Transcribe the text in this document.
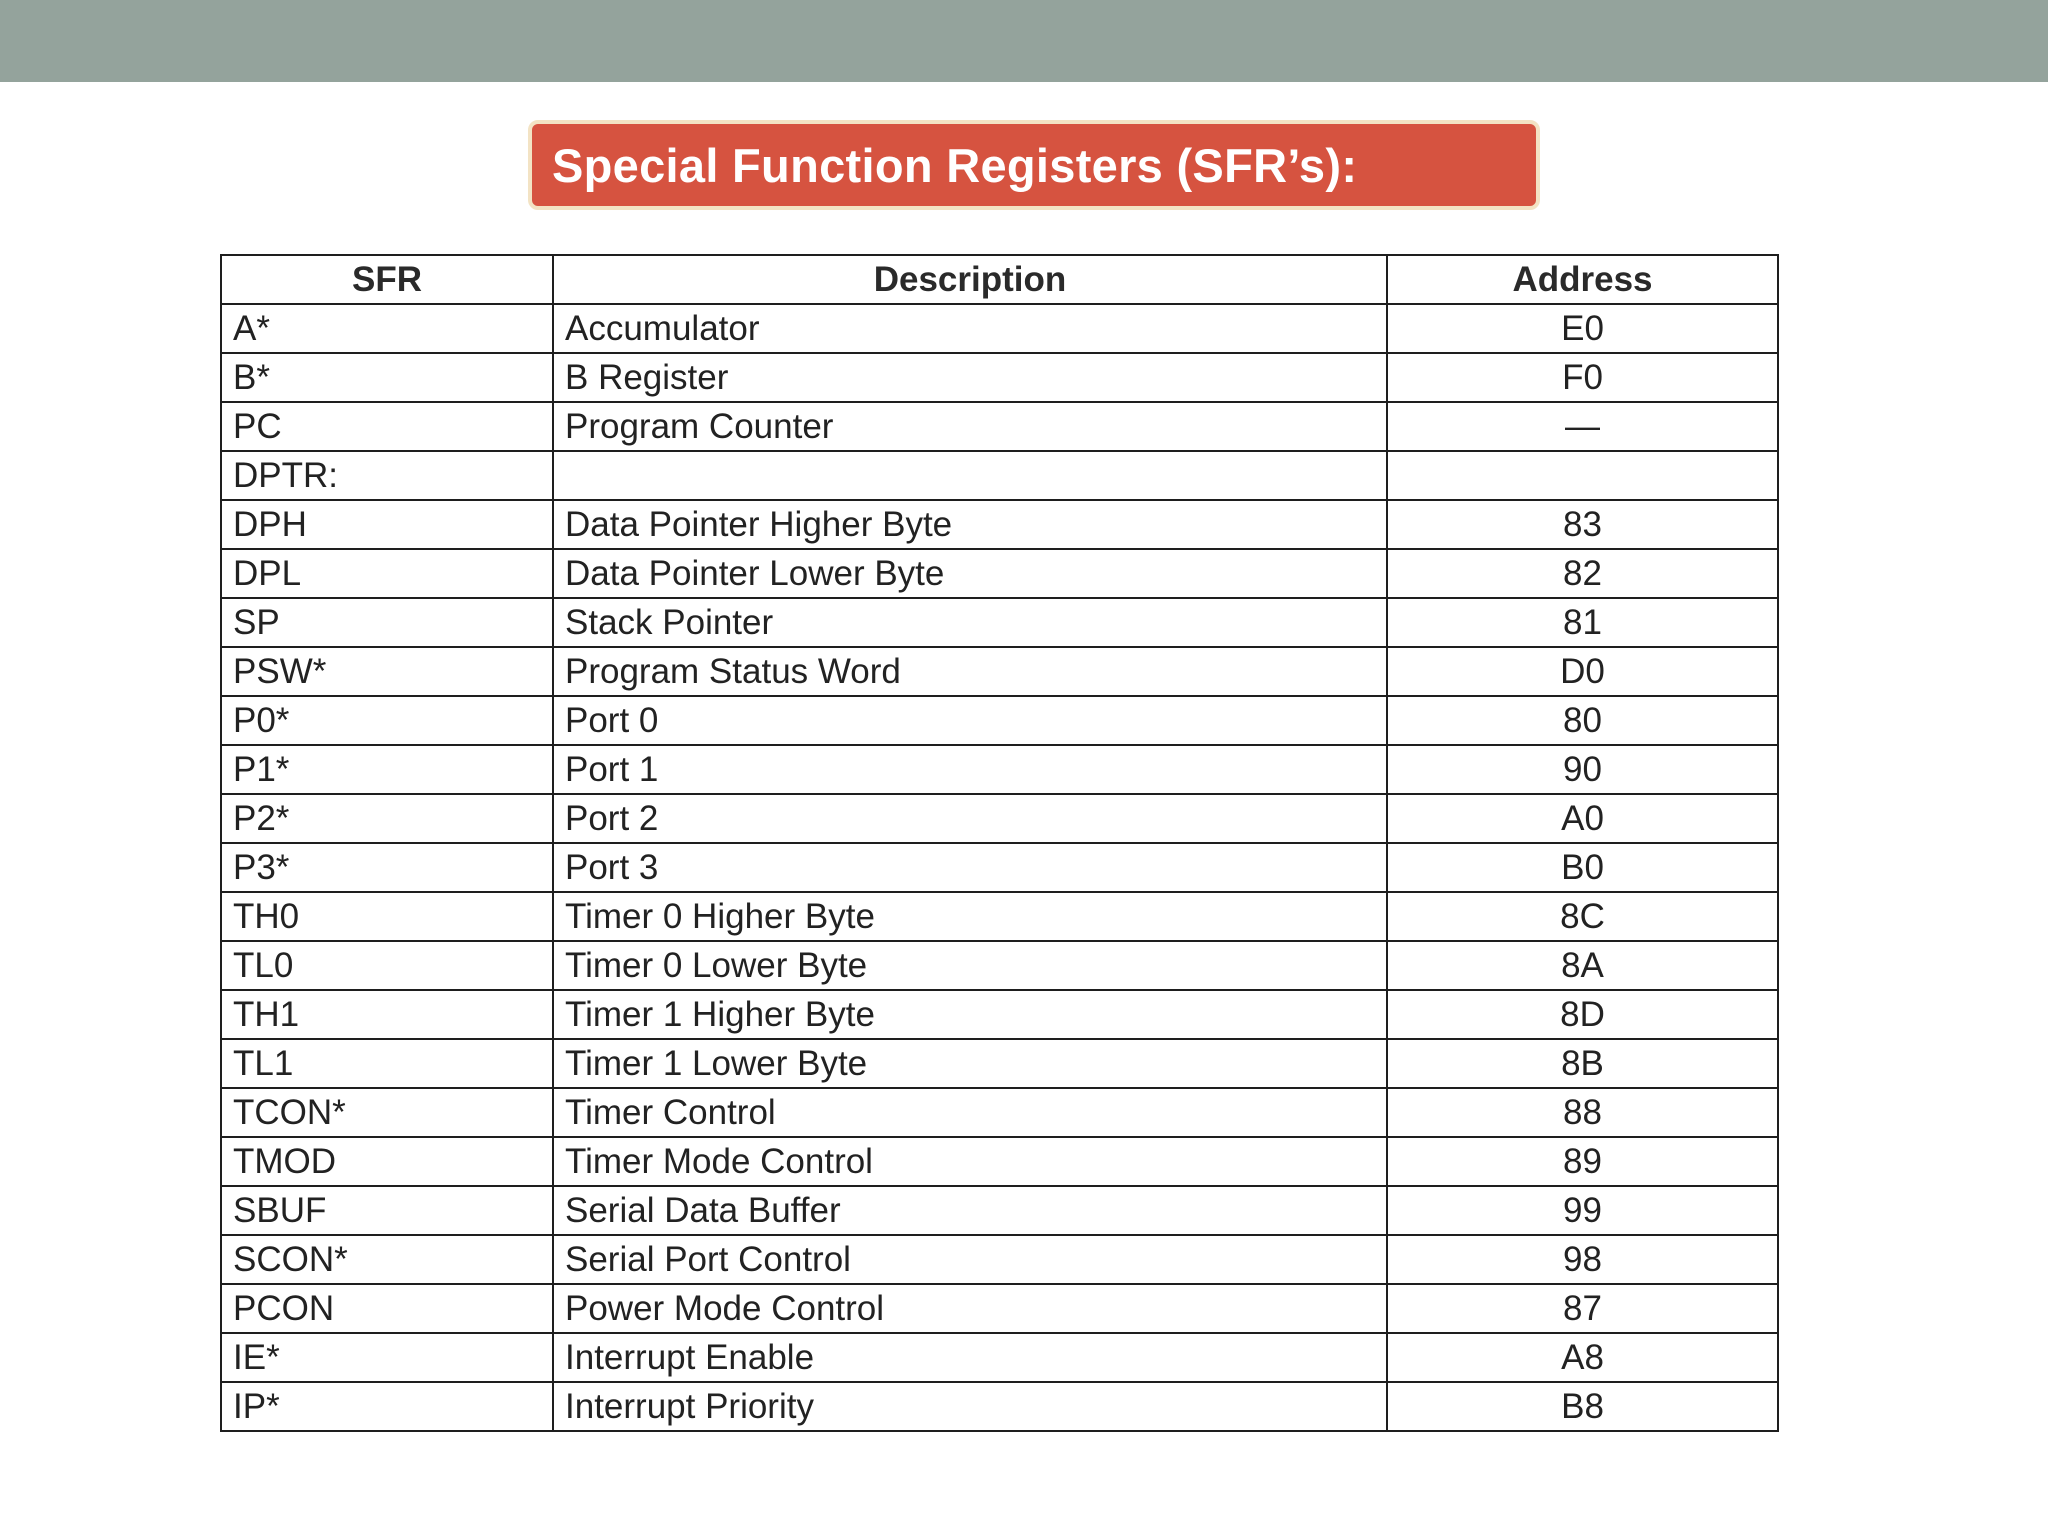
Special Function Registers (SFR’s):
SFR	Description	Address
A*	Accumulator	E0
B*	B Register	F0
PC	Program Counter	—
DPTR:		
DPH	Data Pointer Higher Byte	83
DPL	Data Pointer Lower Byte	82
SP	Stack Pointer	81
PSW*	Program Status Word	D0
P0*	Port 0	80
P1*	Port 1	90
P2*	Port 2	A0
P3*	Port 3	B0
TH0	Timer 0 Higher Byte	8C
TL0	Timer 0 Lower Byte	8A
TH1	Timer 1 Higher Byte	8D
TL1	Timer 1 Lower Byte	8B
TCON*	Timer Control	88
TMOD	Timer Mode Control	89
SBUF	Serial Data Buffer	99
SCON*	Serial Port Control	98
PCON	Power Mode Control	87
IE*	Interrupt Enable	A8
IP*	Interrupt Priority	B8
